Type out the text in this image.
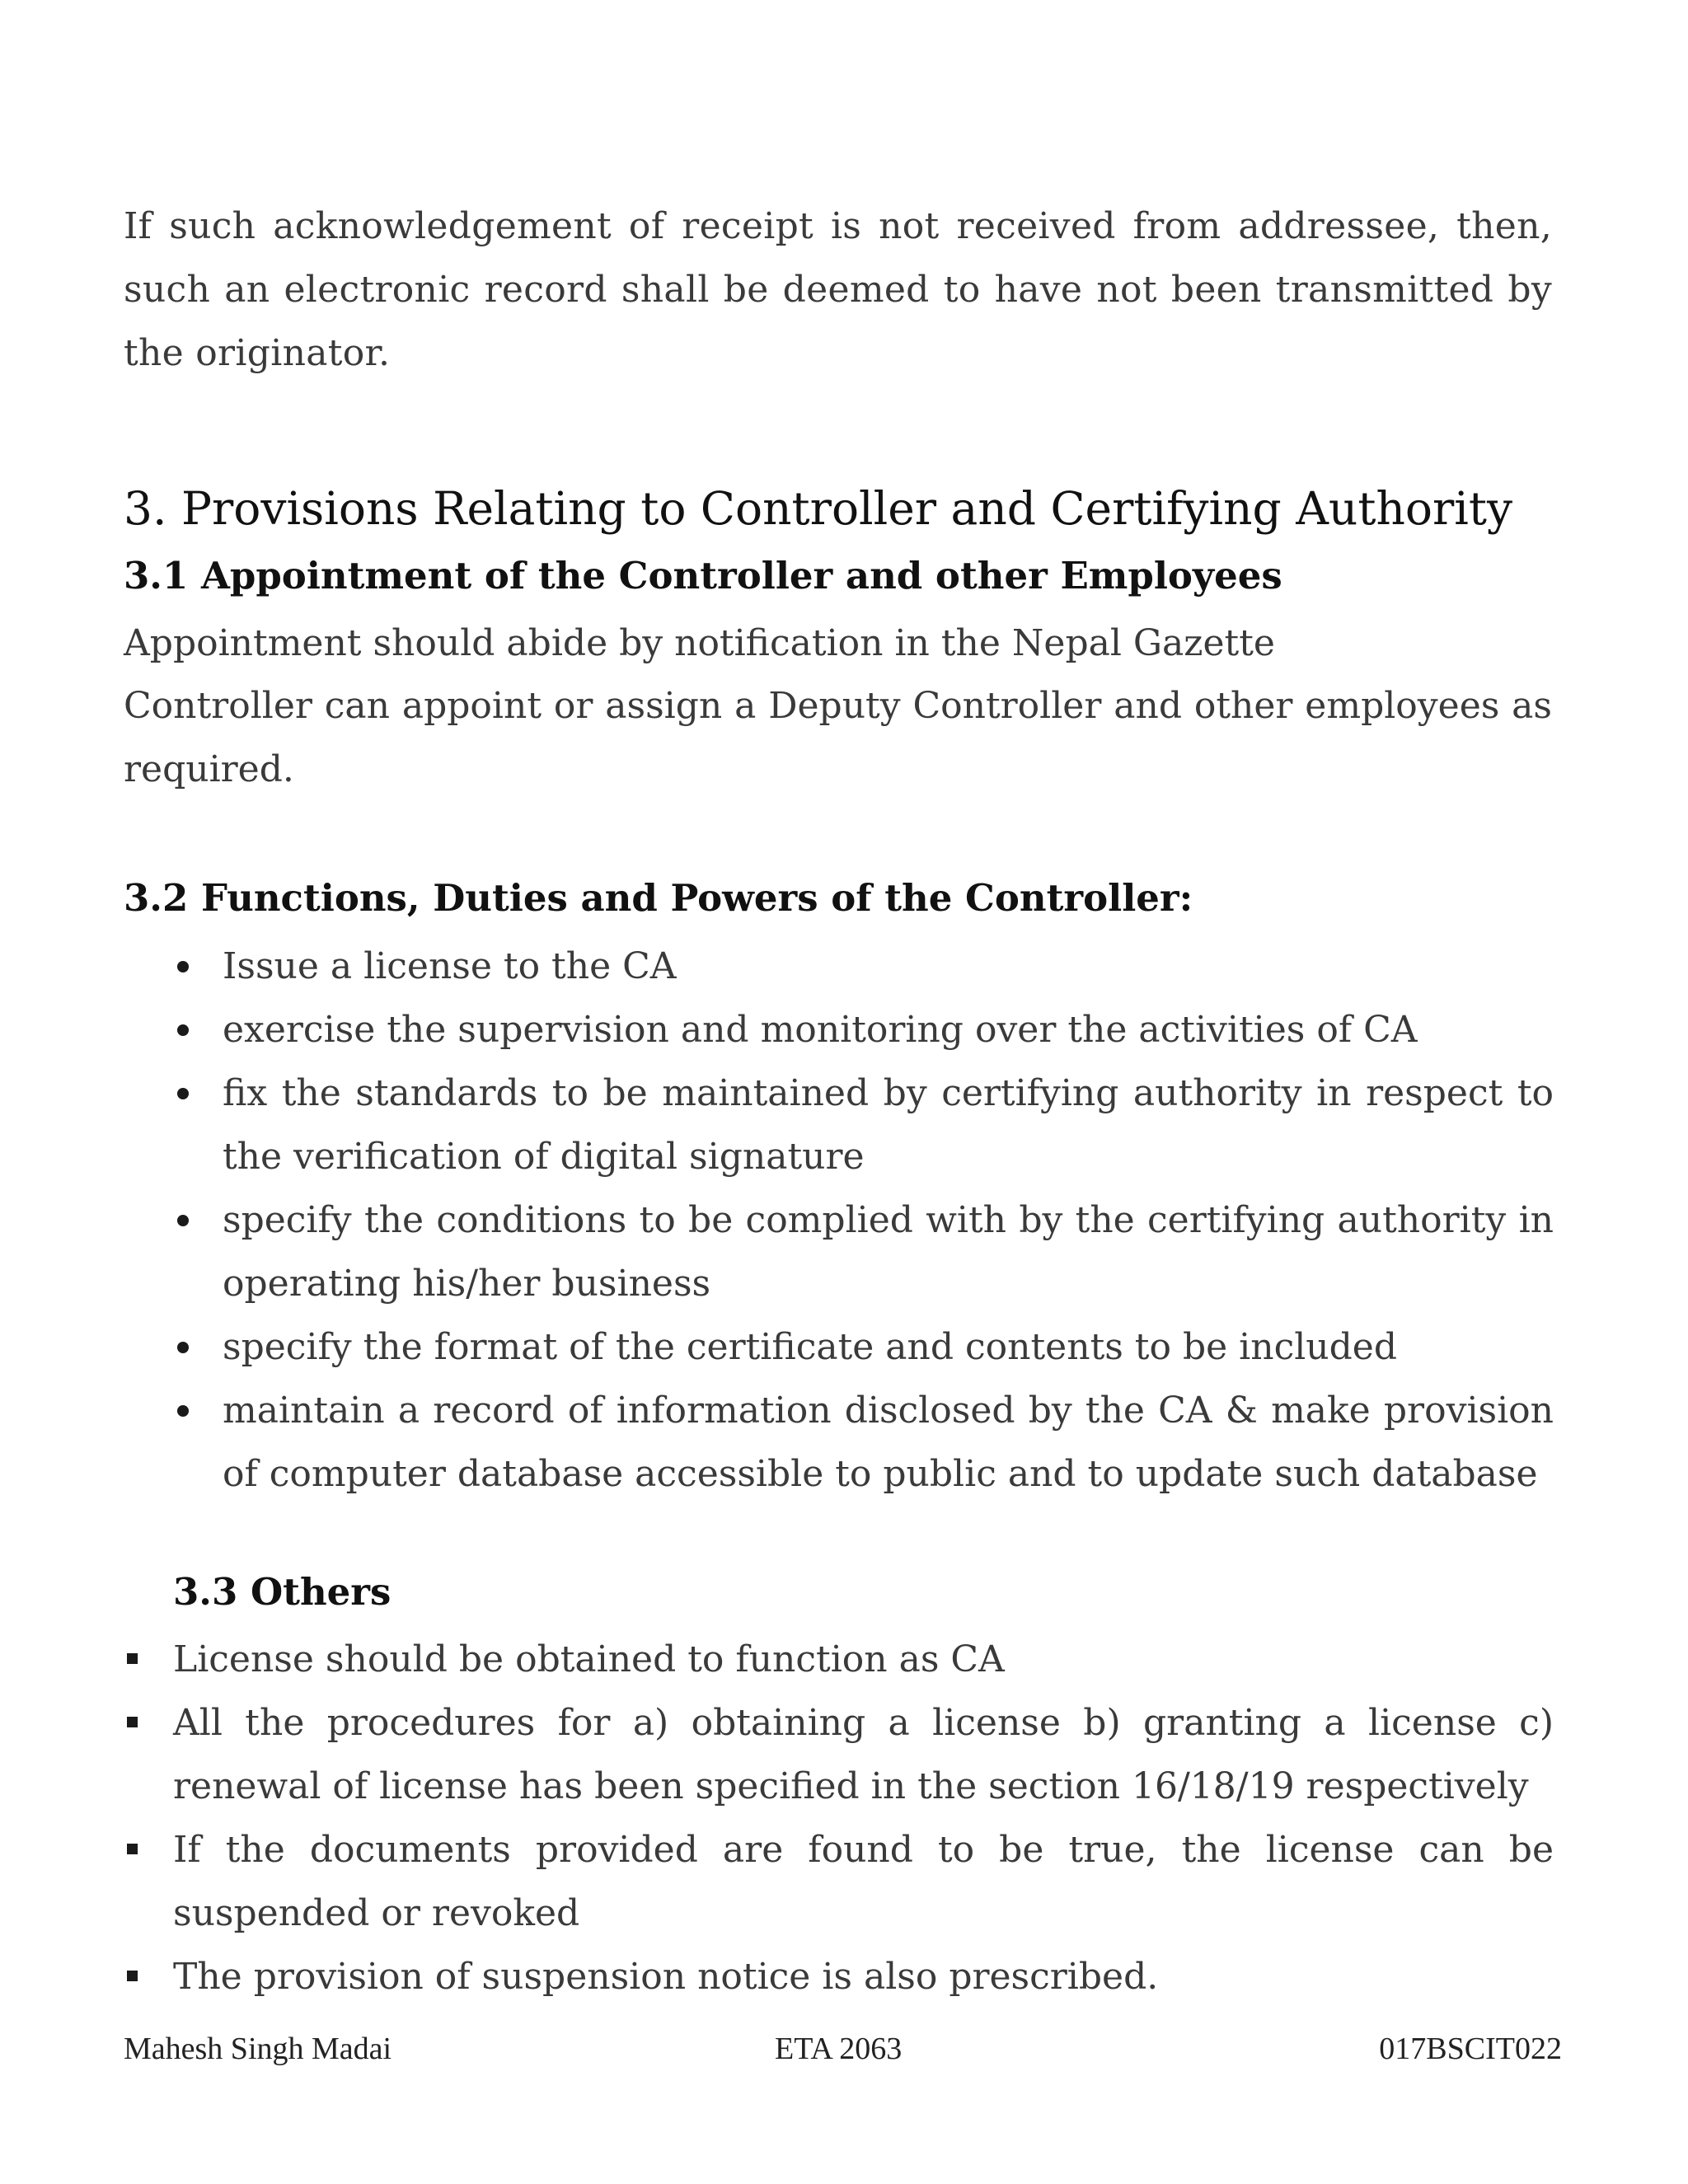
If such acknowledgement of receipt is not received from addressee, then, such an electronic record shall be deemed to have not been transmitted by the originator.

3. Provisions Relating to Controller and Certifying Authority
3.1 Appointment of the Controller and other Employees
Appointment should abide by notification in the Nepal Gazette

Controller can appoint or assign a Deputy Controller and other employees as required.

3.2 Functions, Duties and Powers of the Controller:
Issue a license to the CA
exercise the supervision and monitoring over the activities of CA
fix the standards to be maintained by certifying authority in respect to the verification of digital signature
specify the conditions to be complied with by the certifying authority in operating his/her business
specify the format of the certificate and contents to be included
maintain a record of information disclosed by the CA & make provision of computer database accessible to public and to update such database
3.3 Others
License should be obtained to function as CA
All the procedures for a) obtaining a license b) granting a license c) renewal of license has been specified in the section 16/18/19 respectively
If the documents provided are found to be true, the license can be suspended or revoked
The provision of suspension notice is also prescribed.
Mahesh Singh Madai	ETA 2063	017BSCIT022
